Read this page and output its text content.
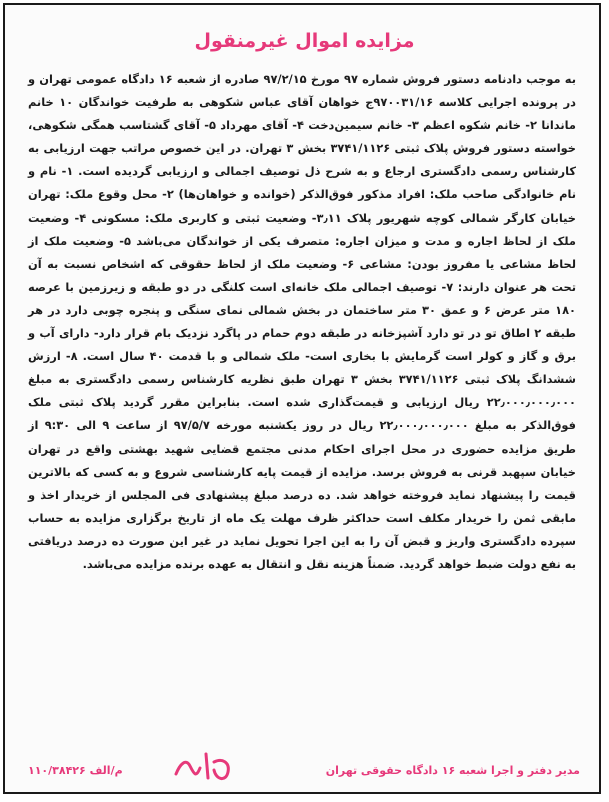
مزایده اموال غیرمنقول

به موجب دادنامه دستور فروش شماره ۹۷ مورخ ۹۷/۲/۱۵ صادره از شعبه ۱۶ دادگاه عمومی تهران و در پرونده اجرایی کلاسه ۹۷۰۰۳۱/۱۶ج خواهان آقای عباس شکوهی به طرفیت خواندگان ۱۰ خانم ماندانا ۲- خانم شکوه اعظم ۳- خانم سیمین‌دخت ۴- آقای مهرداد ۵- آقای گشتاسب همگی شکوهی، خواسته دستور فروش پلاک ثبتی ۳۷۴۱/۱۱۲۶ بخش ۳ تهران. در این خصوص مراتب جهت ارزیابی به کارشناس رسمی دادگستری ارجاع و به شرح ذل توصیف اجمالی و ارزیابی گردیده است. ۱- نام و نام خانوادگی صاحب ملک: افراد مذکور فوق‌الذکر (خوانده و خواهان‌ها) ۲- محل وقوع ملک: تهران خیابان کارگر شمالی کوچه شهریور پلاک ۳٫۱۱- وضعیت ثبتی و کاربری ملک: مسکونی ۴- وضعیت ملک از لحاظ اجاره و مدت و میزان اجاره: متصرف یکی از خواندگان می‌باشد ۵- وضعیت ملک از لحاظ مشاعی یا مفروز بودن: مشاعی ۶- وضعیت ملک از لحاظ حقوقی که اشخاص نسبت به آن تحت هر عنوان دارند: ۷- توصیف اجمالی ملک خانه‌ای است کلنگی در دو طبقه و زیرزمین با عرصه ۱۸۰ متر عرض ۶ و عمق ۳۰ متر ساختمان در بخش شمالی نمای سنگی و پنجره چوبی دارد در هر طبقه ۲ اطاق تو در تو دارد آشپزخانه در طبقه دوم حمام در پاگرد نزدیک بام قرار دارد- دارای آب و برق و گاز و کولر است گرمایش با بخاری است- ملک شمالی و با قدمت ۴۰ سال است. ۸- ارزش ششدانگ پلاک ثبتی ۳۷۴۱/۱۱۲۶ بخش ۳ تهران طبق نظریه کارشناس رسمی دادگستری به مبلغ ۲۲٫۰۰۰٫۰۰۰٫۰۰۰ ریال ارزیابی و قیمت‌گذاری شده است. بنابراین مقرر گردید پلاک ثبتی ملک فوق‌الذکر به مبلغ ۲۲٫۰۰۰٫۰۰۰٫۰۰۰ ریال در روز یکشنبه مورخه ۹۷/۵/۷ از ساعت ۹ الی ۹:۳۰ از طریق مزایده حضوری در محل اجرای احکام مدنی مجتمع قضایی شهید بهشتی واقع در تهران خیابان سپهبد قرنی به فروش برسد. مزایده از قیمت پایه کارشناسی شروع و به کسی که بالاترین قیمت را پیشنهاد نماید فروخته خواهد شد. ده درصد مبلغ پیشنهادی فی المجلس از خریدار اخذ و مابقی ثمن را خریدار مکلف است حداکثر ظرف مهلت یک ماه از تاریخ برگزاری مزایده به حساب سپرده دادگستری واریز و قبض آن را به این اجرا تحویل نماید در غیر این صورت ده درصد دریافتی به نفع دولت ضبط خواهد گردید. ضمناً هزینه نقل و انتقال به عهده برنده مزایده می‌باشد.

مدیر دفتر و اجرا شعبه ۱۶ دادگاه حقوقی تهران
م/الف ۱۱۰/۳۸۴۲۶
